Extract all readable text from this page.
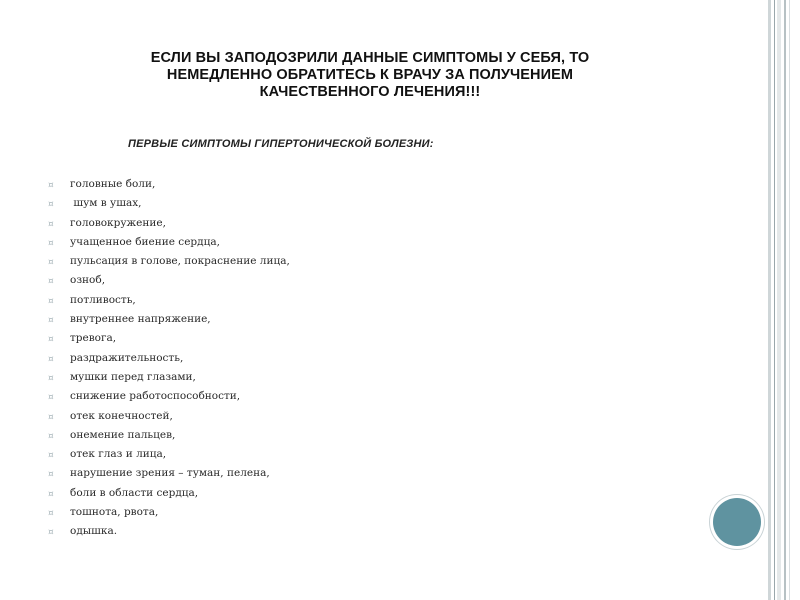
ЕСЛИ ВЫ ЗАПОДОЗРИЛИ ДАННЫЕ СИМПТОМЫ У СЕБЯ, ТО
НЕМЕДЛЕННО ОБРАТИТЕСЬ К ВРАЧУ ЗА ПОЛУЧЕНИЕМ
КАЧЕСТВЕННОГО ЛЕЧЕНИЯ!!!
ПЕРВЫЕ СИМПТОМЫ ГИПЕРТОНИЧЕСКОЙ БОЛЕЗНИ:
¤ головные боли,
¤ шум в ушах,
¤ головокружение,
¤ учащенное биение сердца,
¤ пульсация в голове, покраснение лица,
¤ озноб,
¤ потливость,
¤ внутреннее напряжение,
¤ тревога,
¤ раздражительность,
¤ мушки перед глазами,
¤ снижение работоспособности,
¤ отек конечностей,
¤ онемение пальцев,
¤ отек глаз и лица,
¤ нарушение зрения – туман, пелена,
¤ боли в области сердца,
¤ тошнота, рвота,
¤ одышка.
